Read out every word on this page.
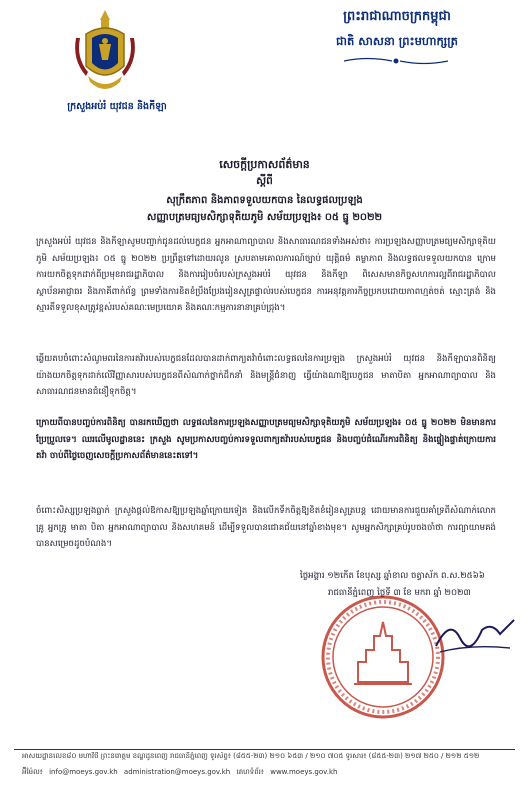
ក្រសួងអប់រំ យុវជន និងកីឡា
ព្រះរាជាណាចក្រកម្ពុជា
ជាតិ សាសនា ព្រះមហាក្សត្រ
សេចក្ដីប្រកាសព័ត៌មាន
ស្ដីពី
សុក្រឹតភាព និងភាពទទួលយកបាន នៃលទ្ធផលប្រឡង
សញ្ញាបត្រមធ្យមសិក្សាទុតិយភូមិ សម័យប្រឡង៖ ០៥ ធ្នូ ២០២២
ក្រសួងអប់រំ យុវជន និងកីឡាសូមបញ្ជាក់ជូនដល់បេក្ខជន អ្នកអាណាព្យាបាល និងសាធារណជនទាំងអស់ថា៖ ការប្រឡងសញ្ញាបត្រមធ្យមសិក្សាទុតិយភូមិ សម័យប្រឡង៖ ០៥ ធ្នូ ២០២២ ប្រព្រឹត្តទៅដោយរលូន ស្របតាមគោលការណ៍ច្បាប់ យុត្តិធម៌ តម្លាភាព និងលទ្ធផលទទួលយកបាន ក្រោមការយកចិត្តទុកដាក់ពីប្រមុខរាជរដ្ឋាភិបាល និងការរៀបចំរបស់ក្រសួងអប់រំ យុវជន និងកីឡា ពិសេសមានកិច្ចសហការល្អពីរាជរដ្ឋាភិបាល ស្ថាប័នអាជ្ញាធរ និងភាគីពាក់ព័ន្ធ ព្រមទាំងការខិតខំប្រឹងប្រែងរៀនសូត្រផ្ទាល់របស់បេក្ខជន ការអនុវត្តភារកិច្ចប្រកបដោយភាពហ្មត់ចត់ ស្មោះត្រង់ និងស្មារតីទទួលខុសត្រូវខ្ពស់របស់គណៈមេប្រយោគ និងគណៈកម្មការនានាគ្រប់ជ្រុង។
ឆ្លើយតបចំពោះសំណូមពរនៃការតវ៉ារបស់បេក្ខជនដែលបានដាក់ពាក្យតវ៉ាចំពោះលទ្ធផលនៃការប្រឡង ក្រសួងអប់រំ យុវជន និងកីឡាបានពិនិត្យយ៉ាងយកចិត្តទុកដាក់លើវិញ្ញាសារបស់បេក្ខជនពីសំណាក់ថ្នាក់ដឹកនាំ និងមន្ត្រីជំនាញ ធ្វើយ៉ាងណាឱ្យបេក្ខជន មាតាបិតា អ្នកអាណាព្យាបាល និងសាធារណជនមានជំនឿទុកចិត្ត។
ក្រោយពីបានបញ្ចប់ការពិនិត្យ បានរកឃើញថា លទ្ធផលនៃការប្រឡងសញ្ញាបត្រមធ្យមសិក្សាទុតិយភូមិ សម័យប្រឡង៖ ០៥ ធ្នូ ២០២២ មិនមានការប្រែប្រួលទេ។ ឈរលើមូលដ្ឋាននេះ ក្រសួង សូមប្រកាសបញ្ចប់ការទទួលពាក្យតវ៉ារបស់បេក្ខជន និងបញ្ចប់ដំណើរការពិនិត្យ និងផ្ទៀងផ្ទាត់ក្រោយការតវ៉ា ចាប់ពីថ្ងៃចេញសេចក្ដីប្រកាសព័ត៌មាននេះតទៅ។
ចំពោះសិស្សប្រឡងធ្លាក់ ក្រសួងផ្ដល់ឱកាសឱ្យប្រឡងឆ្នាំក្រោយទៀត និងលើកទឹកចិត្តឱ្យខិតខំរៀនសូត្របន្ត ដោយមានការជួយគាំទ្រពីសំណាក់លោកគ្រូ អ្នកគ្រូ មាតា បិតា អ្នកអាណាព្យាបាល និងសហគមន៍ ដើម្បីទទួលបានជោគជ័យនៅឆ្នាំខាងមុខ។ សូមអ្នកសិក្សាគ្រប់រូបចងចាំថា ការព្យាយាមគង់បានសម្រេចដូចបំណង។
ថ្ងៃអង្គារ ១២កើត ខែបុស្ស ឆ្នាំខាល ចត្វាស័ក ព.ស.២៥៦៦
រាជធានីភ្នំពេញ ថ្ងៃទី ៣ ខែ មករា ឆ្នាំ ២០២៣
អាសយដ្ឋានលេខ៨០ មហាវិថី ព្រះនរោត្តម ខណ្ឌដូនពេញ រាជធានីភ្នំពេញ ទូរស័ព្ទ៖ (៨៥៥-២៣) ២១០ ៦៥៣ / ២១០ ៧០៥ ទូរសារ៖ (៨៥៥-២៣) ២១៧ ២៥០ / ២១២ ៥១២
អ៊ីម៉ែល៖ info@moeys.gov.kh administration@moeys.gov.kh គេហទំព័រ៖ www.moeys.gov.kh
